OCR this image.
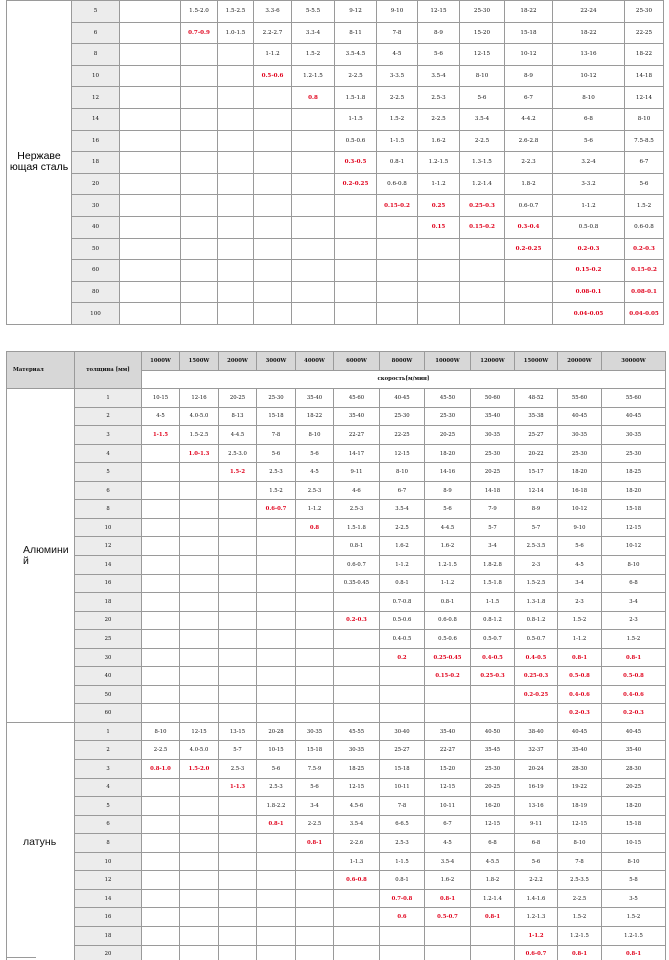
Нержаве ющая сталь	5		1.5-2.0	1.5-2.5	3.3-6	5-5.5	9-12	9-10	12-15	25-30	18-22	22-24	25-30
	6		0.7-0.9	1.0-1.5	2.2-2.7	3.3-4	8-11	7-8	8-9	15-20	15-18	18-22	22-25
	8				1-1.2	1.5-2	3.5-4.5	4-5	5-6	12-15	10-12	13-16	18-22
	10				0.5-0.6	1.2-1.5	2-2.5	3-3.5	3.5-4	8-10	8-9	10-12	14-18
	12					0.8	1.5-1.8	2-2.5	2.5-3	5-6	6-7	8-10	12-14
	14						1-1.5	1.5-2	2-2.5	3.5-4	4-4.2	6-8	8-10
	16						0.5-0.6	1-1.5	1.6-2	2-2.5	2.6-2.8	5-6	7.5-8.5
	18						0.3-0.5	0.8-1	1.2-1.5	1.3-1.5	2-2.3	3.2-4	6-7
	20						0.2-0.25	0.6-0.8	1-1.2	1.2-1.4	1.8-2	3-3.2	5-6
	30							0.15-0.2	0.25	0.25-0.3	0.6-0.7	1-1.2	1.5-2
	40								0.15	0.15-0.2	0.3-0.4	0.5-0.8	0.6-0.8
	50										0.2-0.25	0.2-0.3	0.2-0.3
	60											0.15-0.2	0.15-0.2
	80											0.08-0.1	0.08-0.1
	100											0.04-0.05	0.04-0.05
Материал	толщина [мм]	1000W	1500W	2000W	3000W	4000W	6000W	8000W	10000W	12000W	15000W	20000W	30000W
		скорость[м/мин]											
Алюмини й	1	10-15	12-16	20-25	25-30	35-40	45-60	40-45	45-50	50-60	48-52	55-60	55-60
	2	4-5	4.0-5.0	8-13	15-18	18-22	35-40	25-30	25-30	35-40	35-38	40-45	40-45
	3	1-1.5	1.5-2.5	4-4.5	7-8	8-10	22-27	22-25	20-25	30-35	25-27	30-35	30-35
	4		1.0-1.3	2.5-3.0	5-6	5-6	14-17	12-15	18-20	25-30	20-22	25-30	25-30
	5			1.5-2	2.5-3	4-5	9-11	8-10	14-16	20-25	15-17	18-20	18-25
	6				1.5-2	2.5-3	4-6	6-7	8-9	14-18	12-14	16-18	18-20
	8				0.6-0.7	1-1.2	2.5-3	3.5-4	5-6	7-9	8-9	10-12	15-18
	10					0.8	1.5-1.8	2-2.5	4-4.5	5-7	5-7	9-10	12-15
	12						0.8-1	1.6-2	1.6-2	3-4	2.5-3.5	5-6	10-12
	14						0.6-0.7	1-1.2	1.2-1.5	1.8-2.8	2-3	4-5	8-10
	16						0.35-0.45	0.8-1	1-1.2	1.5-1.8	1.5-2.5	3-4	6-8
	18							0.7-0.8	0.8-1	1-1.5	1.3-1.8	2-3	3-4
	20						0.2-0.3	0.5-0.6	0.6-0.8	0.8-1.2	0.8-1.2	1.5-2	2-3
	25							0.4-0.5	0.5-0.6	0.5-0.7	0.5-0.7	1-1.2	1.5-2
	30							0.2	0.25-0.45	0.4-0.5	0.4-0.5	0.8-1	0.8-1
	40								0.15-0.2	0.25-0.3	0.25-0.3	0.5-0.8	0.5-0.8
	50										0.2-0.25	0.4-0.6	0.4-0.6
	60											0.2-0.3	0.2-0.3
латунь	1	8-10	12-15	13-15	20-28	30-35	45-55	30-40	35-40	40-50	38-40	40-45	40-45
	2	2-2.5	4.0-5.0	5-7	10-15	15-18	30-35	25-27	22-27	35-45	32-37	35-40	35-40
	3	0.8-1.0	1.5-2.0	2.5-3	5-6	7.5-9	18-25	15-18	15-20	25-30	20-24	28-30	28-30
	4			1-1.3	2.5-3	5-6	12-15	10-11	12-15	20-25	16-19	19-22	20-25
	5				1.8-2.2	3-4	4.5-6	7-8	10-11	16-20	13-16	18-19	18-20
	6				0.8-1	2-2.5	3.5-4	6-6.5	6-7	12-15	9-11	12-15	15-18
	8					0.8-1	2-2.6	2.5-3	4-5	6-8	6-8	8-10	10-15
	10						1-1.3	1-1.5	3.5-4	4-5.5	5-6	7-8	8-10
	12						0.6-0.8	0.8-1	1.6-2	1.8-2	2-2.2	2.5-3.5	5-8
	14							0.7-0.8	0.8-1	1.2-1.4	1.4-1.6	2-2.5	3-5
	16							0.6	0.5-0.7	0.8-1	1.2-1.3	1.5-2	1.5-2
	18										1-1.2	1.2-1.5	1.2-1.5
	20										0.6-0.7	0.8-1	0.8-1
